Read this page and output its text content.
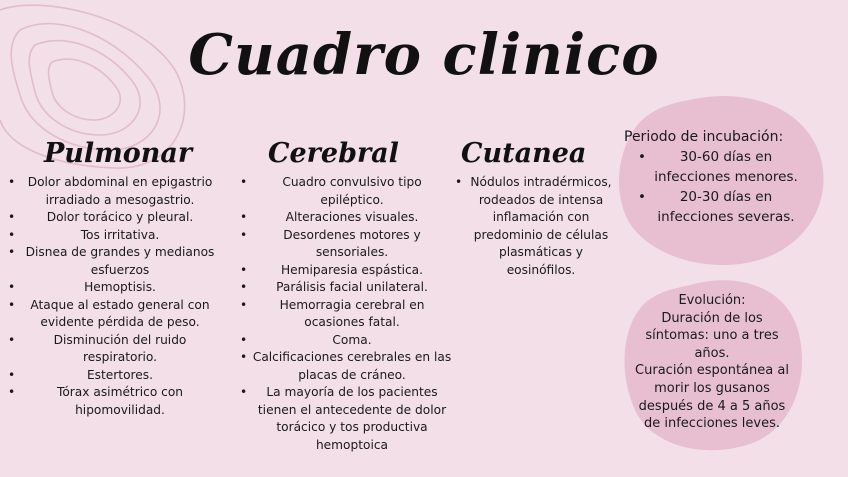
Cuadro clinico
Pulmonar
• Dolor abdominal en epigastrio irradiado a mesogastrio.
• Dolor torácico y pleural.
• Tos irritativa.
• Disnea de grandes y medianos esfuerzos
• Hemoptisis.
• Ataque al estado general con evidente pérdida de peso.
• Disminución del ruido respiratorio.
• Estertores.
• Tórax asimétrico con hipomovilidad.
Cerebral
• Cuadro convulsivo tipo epiléptico.
• Alteraciones visuales.
• Desordenes motores y sensoriales.
• Hemiparesia espástica.
• Parálisis facial unilateral.
• Hemorragia cerebral en ocasiones fatal.
• Coma.
• Calcificaciones cerebrales en las placas de cráneo.
• La mayoría de los pacientes tienen el antecedente de dolor torácico y tos productiva hemoptoica
Cutanea
• Nódulos intradérmicos, rodeados de intensa inflamación con predominio de células plasmáticas y eosinófilos.
Periodo de incubación:
• 30-60 días en infecciones menores.
• 20-30 días en infecciones severas.
Evolución:
Duración de los síntomas: uno a tres años.
Curación espontánea al morir los gusanos después de 4 a 5 años de infecciones leves.
